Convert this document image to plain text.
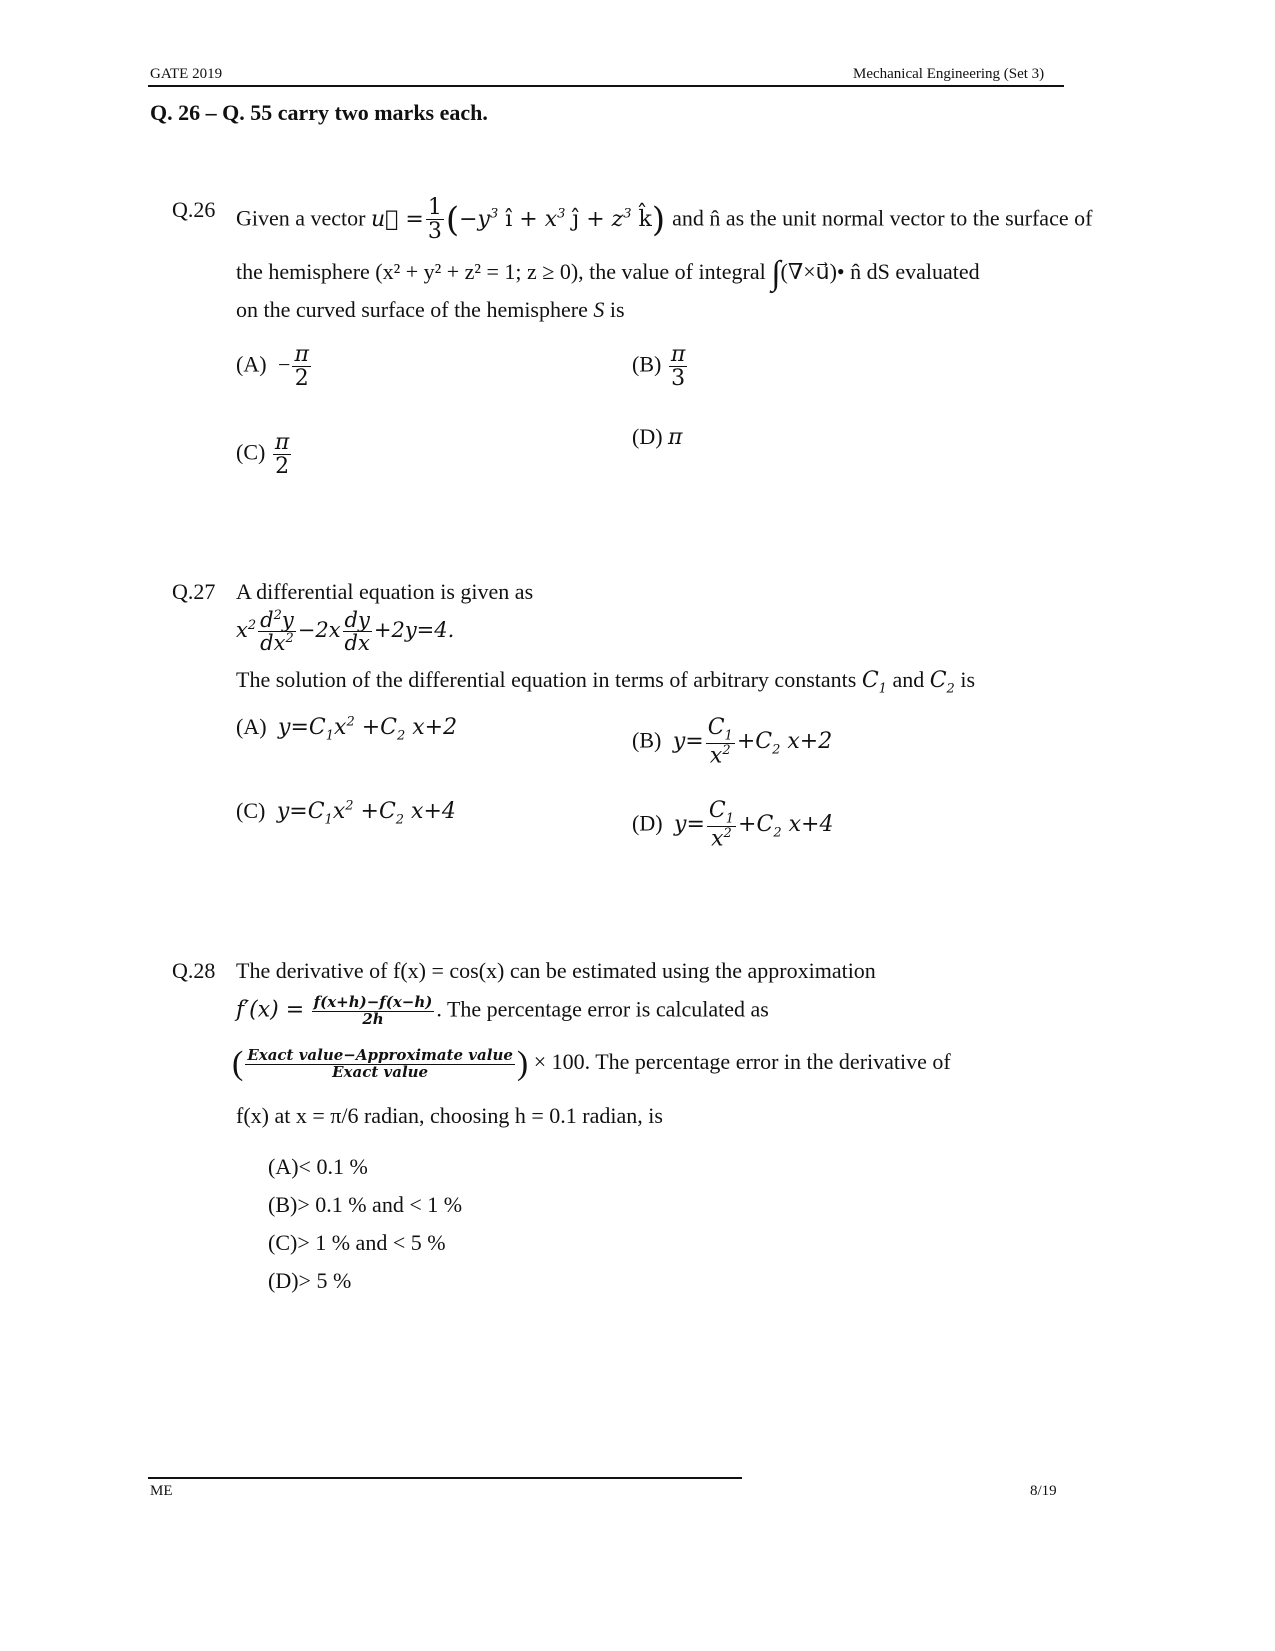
GATE 2019	Mechanical Engineering (Set 3)
Q. 26 – Q. 55 carry two marks each.
Q.26 Given a vector u⃗ = $\frac{1}{3} (-y^3$ î + $x^3$ ĵ + $z^3$ k̂) and n̂ as the unit normal vector to the surface of
the hemisphere (x² + y² + z² = 1; z ≥ 0), the value of integral ∫(∇×u⃗)• n̂ dS evaluated
on the curved surface of the hemisphere S is
$(A) - \frac{\pi}{2}$	$(B) \frac{\pi}{3}$
$(C) \frac{\pi}{2}$	(D) π
Q.27 A differential equation is given as
$x^2 \frac{d^2y}{dx^2} -2x \frac{dy}{dx} +2y=4$.
The solution of the differential equation in terms of arbitrary constants $C_1$ and $C_2$ is
(A) $y=C_1x^2 +C_2$ x+2
(B) $y= \frac{C_1}{x^2} +C_2$ x+2
(C) $y=C_1x^2 +C_2$ x+4	(D) $y= \frac{C_1}{x^2} +C_2$ x+4
Q.28 The derivative of f(x) = cos(x) can be estimated using the approximation
$f'(x) = \frac{f(x+h)-f(x-h)}{2h}$ . The percentage error is calculated as
( $\frac{\text{Exact value−Approximate value}}{\text{Exact value}}$ ) × 100. The percentage error in the derivative of
f(x) at x = π/6 radian, choosing h = 0.1 radian, is
(A)< 0.1 %
(B)> 0.1 % and < 1 %
(C)> 1 % and < 5 %
(D)> 5 %
ME	8/19
